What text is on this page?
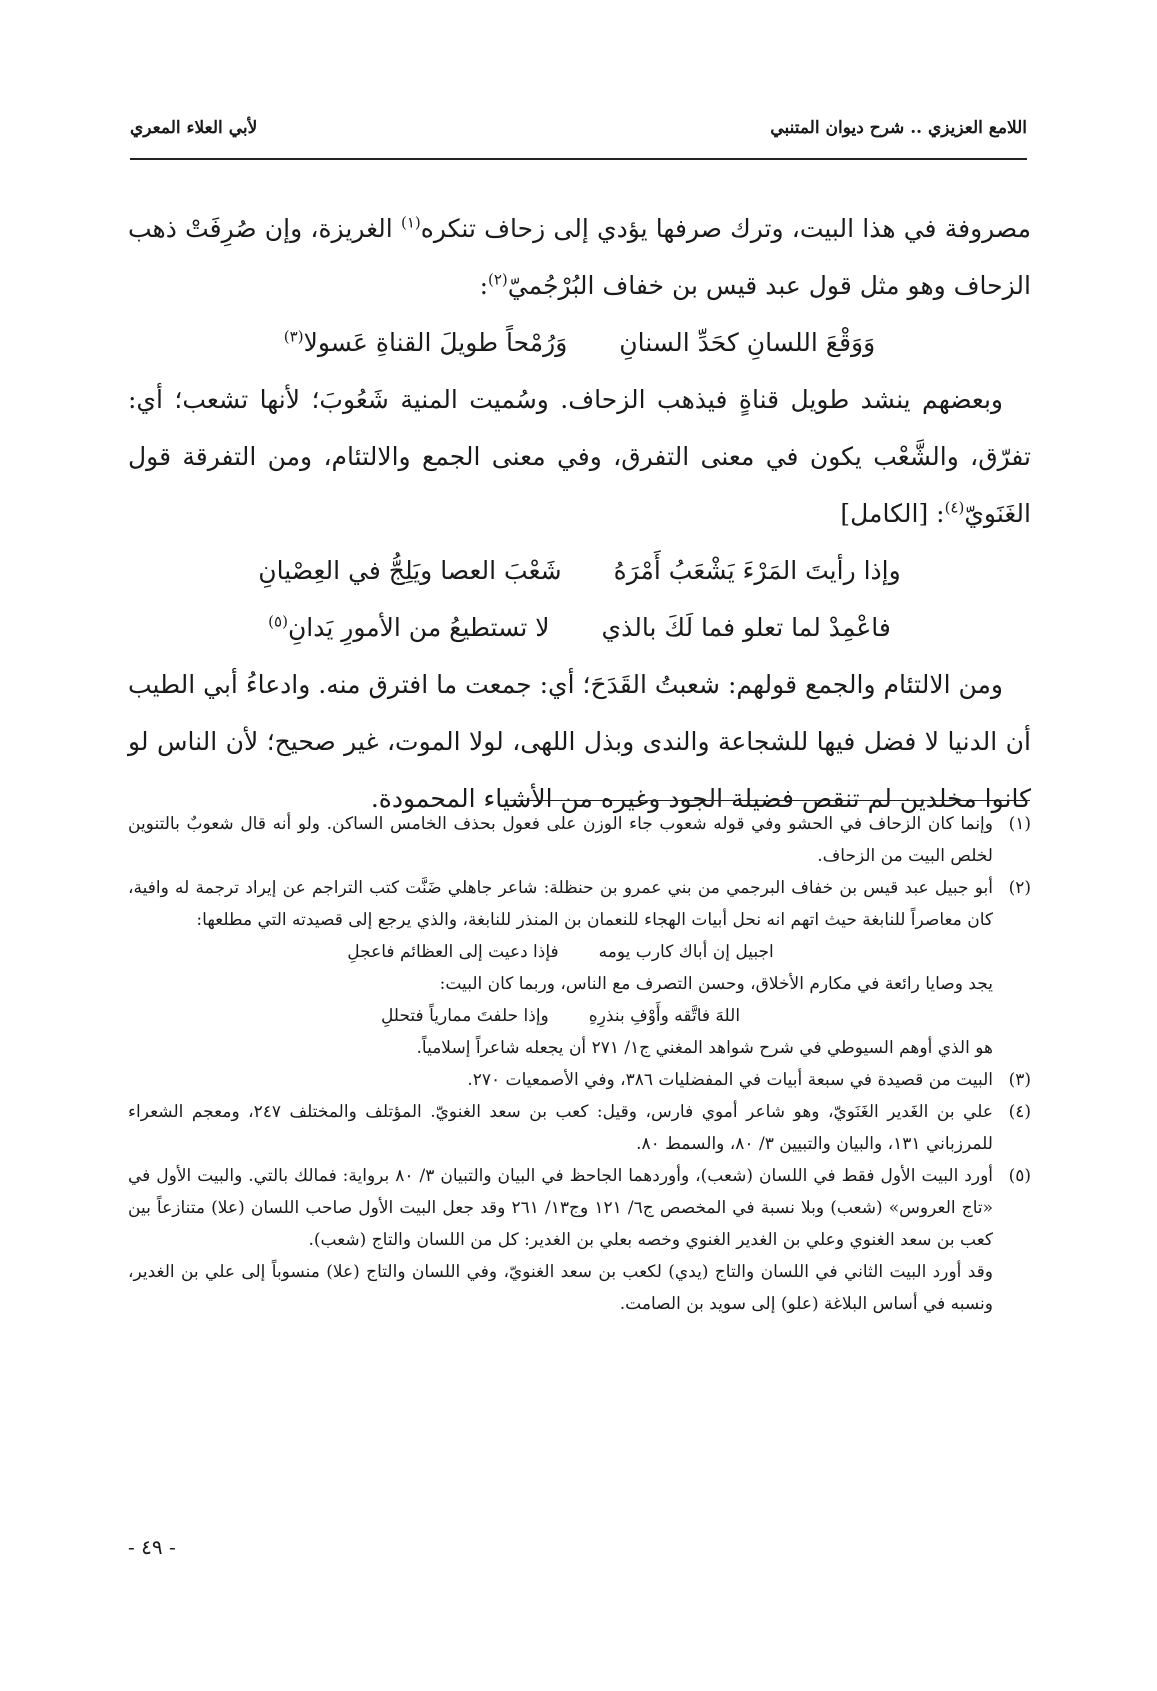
اللامع العزيزي .. شرح ديوان المتنبي
لأبي العلاء المعري

مصروفة في هذا البيت، وترك صرفها يؤدي إلى زحاف تنكره$^{(١)}$ الغريزة، وإن صُرِفَتْ ذهب الزحاف وهو مثل قول عبد قيس بن خفاف البُرْجُميّ$^{(٢)}$:

وَوَقْعَ اللسانِ كحَدِّ السنانِ
وَرُمْحاً طويلَ القناةِ عَسولا$^{(٣)}$

وبعضهم ينشد طويل قناةٍ فيذهب الزحاف. وسُميت المنية شَعُوبَ؛ لأنها تشعب؛ أي: تفرّق، والشَّعْب يكون في معنى التفرق، وفي معنى الجمع والالتئام، ومن التفرقة قول الغَنَويّ$^{(٤)}$: [الكامل]

وإذا رأيتَ المَرْءَ يَشْعَبُ أَمْرَهُ
شَعْبَ العصا ويَلِجُّ في العِصْيانِ
فاعْمِدْ لما تعلو فما لَكَ بالذي
لا تستطيعُ من الأمورِ يَدانِ$^{(٥)}$

ومن الالتئام والجمع قولهم: شعبتُ القَدَحَ؛ أي: جمعت ما افترق منه. وادعاءُ أبي الطيب أن الدنيا لا فضل فيها للشجاعة والندى وبذل اللهى، لولا الموت، غير صحيح؛ لأن الناس لو كانوا مخلدين لم تنقص فضيلة الجود وغيره من الأشياء المحمودة.

(١)
وإنما كان الزحاف في الحشو وفي قوله شعوب جاء الوزن على فعول بحذف الخامس الساكن. ولو أنه قال شعوبٌ بالتنوين لخلص البيت من الزحاف.

(٢)
أبو جبيل عبد قيس بن خفاف البرجمي من بني عمرو بن حنظلة: شاعر جاهلي ضَنَّت كتب التراجم عن إيراد ترجمة له وافية، كان معاصراً للنابغة حيث اتهم انه نحل أبيات الهجاء للنعمان بن المنذر للنابغة، والذي يرجع إلى قصيدته التي مطلعها:

اجبيل إن أباك كارب يومه
فإذا دعيت إلى العظائم فاعجلِ

يجد وصايا رائعة في مكارم الأخلاق، وحسن التصرف مع الناس، وربما كان البيت:

اللهَ فاتَّقه وأَوْفِ بنذرِهِ
وإذا حلفتَ ممارياً فتحللِ

هو الذي أوهم السيوطي في شرح شواهد المغني ج١/ ٢٧١ أن يجعله شاعراً إسلامياً.

(٣)
البيت من قصيدة في سبعة أبيات في المفضليات ٣٨٦، وفي الأصمعيات ٢٧٠.

(٤)
علي بن الغَدير الغَنَويّ، وهو شاعر أموي فارس، وقيل: كعب بن سعد الغنويّ. المؤتلف والمختلف ٢٤٧، ومعجم الشعراء للمرزباني ١٣١، والبيان والتبيين ٣/ ٨٠، والسمط ٨٠.

(٥)
أورد البيت الأول فقط في اللسان (شعب)، وأوردهما الجاحظ في البيان والتبيان ٣/ ٨٠ برواية: فمالك بالتي. والبيت الأول في «تاج العروس» (شعب) وبلا نسبة في المخصص ج٦/ ١٢١ وج١٣/ ٢٦١ وقد جعل البيت الأول صاحب اللسان (علا) متنازعاً بين كعب بن سعد الغنوي وعلي بن الغدير الغنوي وخصه بعلي بن الغدير: كل من اللسان والتاج (شعب).

وقد أورد البيت الثاني في اللسان والتاج (يدي) لكعب بن سعد الغنويّ، وفي اللسان والتاج (علا) منسوباً إلى علي بن الغدير، ونسبه في أساس البلاغة (علو) إلى سويد بن الصامت.

- ٤٩ -
